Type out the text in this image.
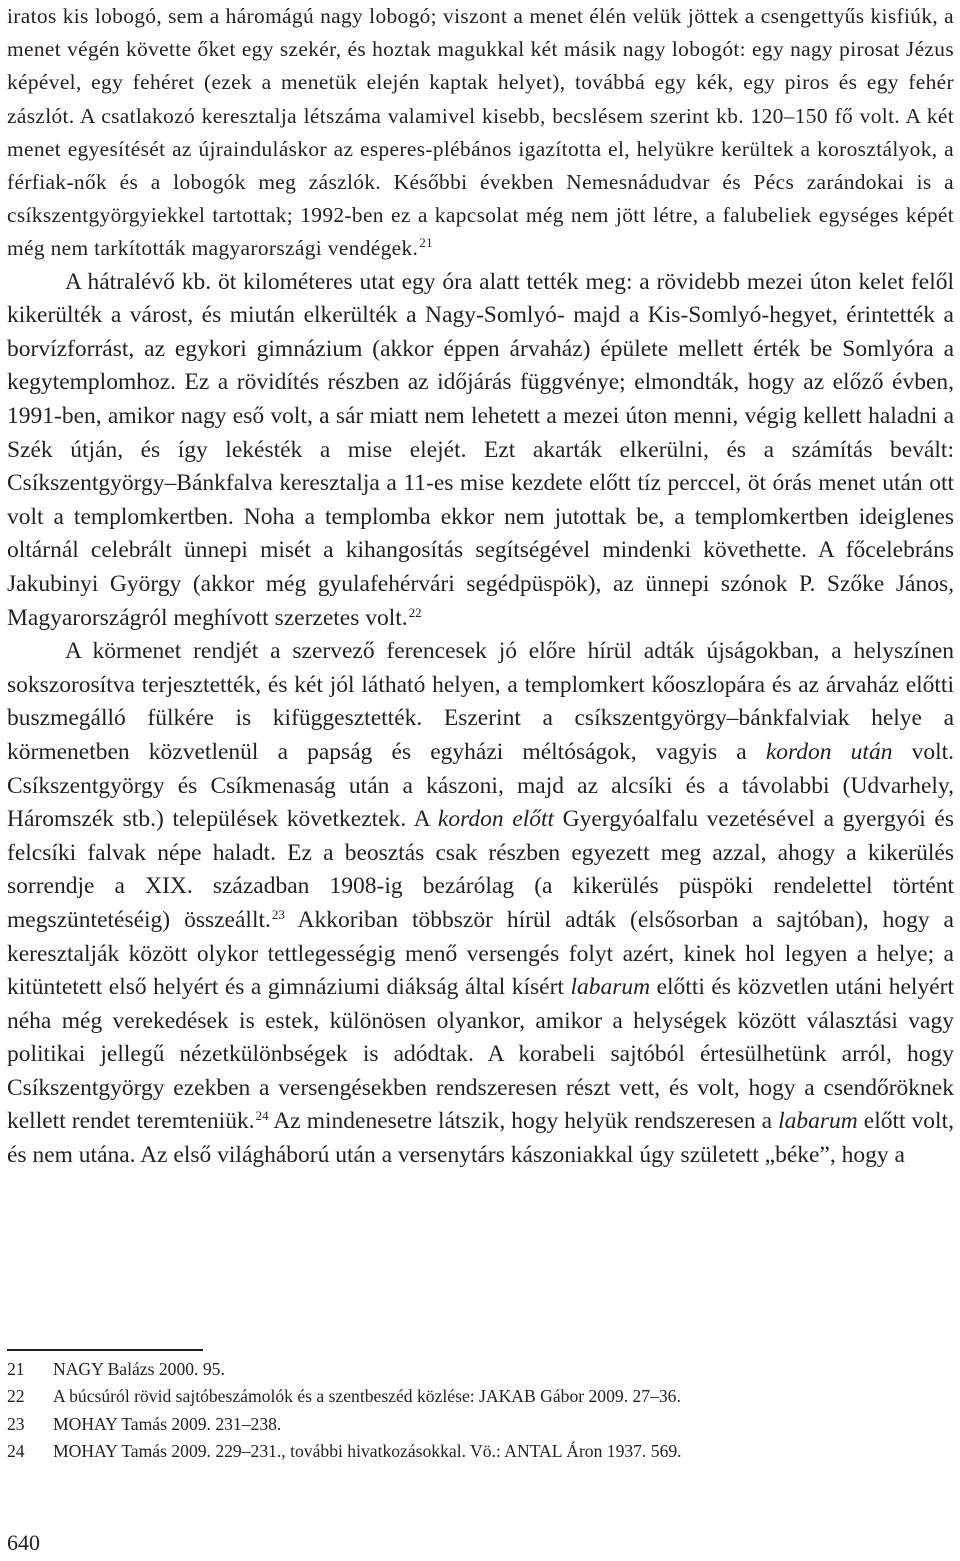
iratos kis lobogó, sem a háromágú nagy lobogó; viszont a menet élén velük jöttek a csengettyűs kisfiúk, a menet végén követte őket egy szekér, és hoztak magukkal két másik nagy lobogót: egy nagy pirosat Jézus képével, egy fehéret (ezek a menetük elején kaptak helyet), továbbá egy kék, egy piros és egy fehér zászlót. A csatlakozó keresztalja létszáma valamivel kisebb, becslésem szerint kb. 120–150 fő volt. A két menet egyesítését az újrainduláskor az esperes-plébános igazította el, helyükre kerültek a korosztályok, a férfiak-nők és a lobogók meg zászlók. Későbbi években Nemesnádudvar és Pécs zarándokai is a csíkszentgyörgyiekkel tartottak; 1992-ben ez a kapcsolat még nem jött létre, a falubeliek egységes képét még nem tarkították magyarországi vendégek.$^{21}$

A hátralévő kb. öt kilométeres utat egy óra alatt tették meg: a rövidebb mezei úton kelet felől kikerülték a várost, és miután elkerülték a Nagy-Somlyó- majd a Kis-Somlyó-hegyet, érintették a borvízforrást, az egykori gimnázium (akkor éppen árvaház) épülete mellett érték be Somlyóra a kegytemplomhoz. Ez a rövidítés részben az időjárás függvénye; elmondták, hogy az előző évben, 1991-ben, amikor nagy eső volt, a sár miatt nem lehetett a mezei úton menni, végig kellett haladni a Szék útján, és így lekésték a mise elejét. Ezt akarták elkerülni, és a számítás bevált: Csíkszentgyörgy–Bánkfalva keresztalja a 11-es mise kezdete előtt tíz perccel, öt órás menet után ott volt a templomkertben. Noha a templomba ekkor nem jutottak be, a templomkertben ideiglenes oltárnál celebrált ünnepi misét a kihangosítás segítségével mindenki követhette. A főcelebráns Jakubinyi György (akkor még gyulafehérvári segédpüspök), az ünnepi szónok P. Szőke János, Magyarországról meghívott szerzetes volt.$^{22}$

A körmenet rendjét a szervező ferencesek jó előre hírül adták újságokban, a helyszínen sokszorosítva terjesztették, és két jól látható helyen, a templomkert kőoszlopára és az árvaház előtti buszmegálló fülkére is kifüggesztették. Eszerint a csíkszentgyörgy–bánkfalviak helye a körmenetben közvetlenül a papság és egyházi méltóságok, vagyis a kordon után volt. Csíkszentgyörgy és Csíkmenaság után a kászoni, majd az alcsíki és a távolabbi (Udvarhely, Háromszék stb.) települések következtek. A kordon előtt Gyergyóalfalu vezetésével a gyergyói és felcsíki falvak népe haladt. Ez a beosztás csak részben egyezett meg azzal, ahogy a kikerülés sorrendje a XIX. században 1908-ig bezárólag (a kikerülés püspöki rendelettel történt megszüntetéséig) összeállt.$^{23}$ Akkoriban többször hírül adták (elsősorban a sajtóban), hogy a keresztalják között olykor tettlegességig menő versengés folyt azért, kinek hol legyen a helye; a kitüntetett első helyért és a gimnáziumi diákság által kísért labarum előtti és közvetlen utáni helyért néha még verekedések is estek, különösen olyankor, amikor a helységek között választási vagy politikai jellegű nézetkülönbségek is adódtak. A korabeli sajtóból értesülhetünk arról, hogy Csíkszentgyörgy ezekben a versengésekben rendszeresen részt vett, és volt, hogy a csendőröknek kellett rendet teremteniük.$^{24}$ Az mindenesetre látszik, hogy helyük rendszeresen a labarum előtt volt, és nem utána. Az első világháború után a versenytárs kászoniakkal úgy született „béke”, hogy a

21 NAGY Balázs 2000. 95.
22 A búcsúról rövid sajtóbeszámolók és a szentbeszéd közlése: JAKAB Gábor 2009. 27–36.
23 MOHAY Tamás 2009. 231–238.
24 MOHAY Tamás 2009. 229–231., további hivatkozásokkal. Vö.: ANTAL Áron 1937. 569.
640
